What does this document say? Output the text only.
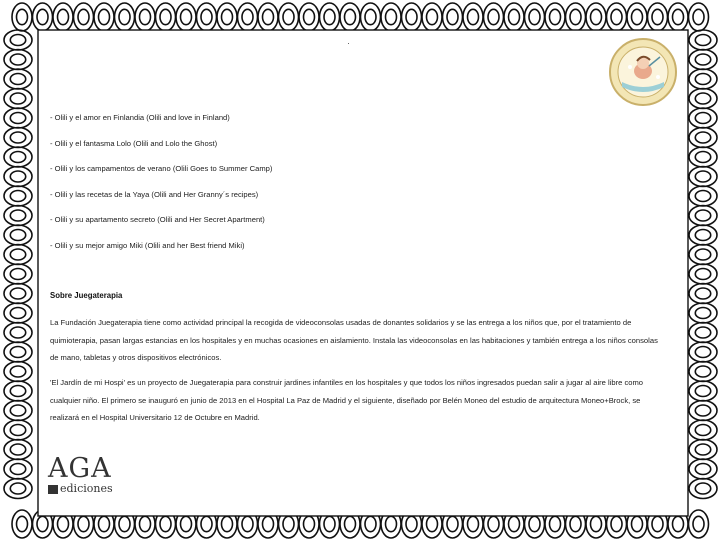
- Olili y el amor en Finlandia (Olili and love in Finland)
- Olili y el fantasma Lolo (Olili and Lolo the Ghost)
- Olili y los campamentos de verano (Olili Goes to Summer Camp)
- Olili y las recetas de la Yaya (Olili and Her Granny´s recipes)
- Olili y su apartamento secreto (Olili and Her Secret Apartment)
- Olili y su mejor amigo Miki (Olili and her Best friend Miki)
Sobre Juegaterapia

La Fundación Juegaterapia tiene como actividad principal la recogida de videoconsolas usadas de donantes solidarios y se las entrega a los niños que, por el tratamiento de quimioterapia, pasan largas estancias en los hospitales y en muchas ocasiones en aislamiento. Instala las videoconsolas en las habitaciones y también entrega a los niños consolas de mano, tabletas y otros dispositivos electrónicos.

'El Jardín de mi Hospi' es un proyecto de Juegaterapia para construir jardines infantiles en los hospitales y que todos los niños ingresados puedan salir a jugar al aire libre como cualquier niño. El primero se inauguró en junio de 2013 en el Hospital La Paz de Madrid y el siguiente, diseñado por Belén Moneo del estudio de arquitectura Moneo+Brock, se realizará en el Hospital Universitario 12 de Octubre en Madrid.

AGA
ediciones
